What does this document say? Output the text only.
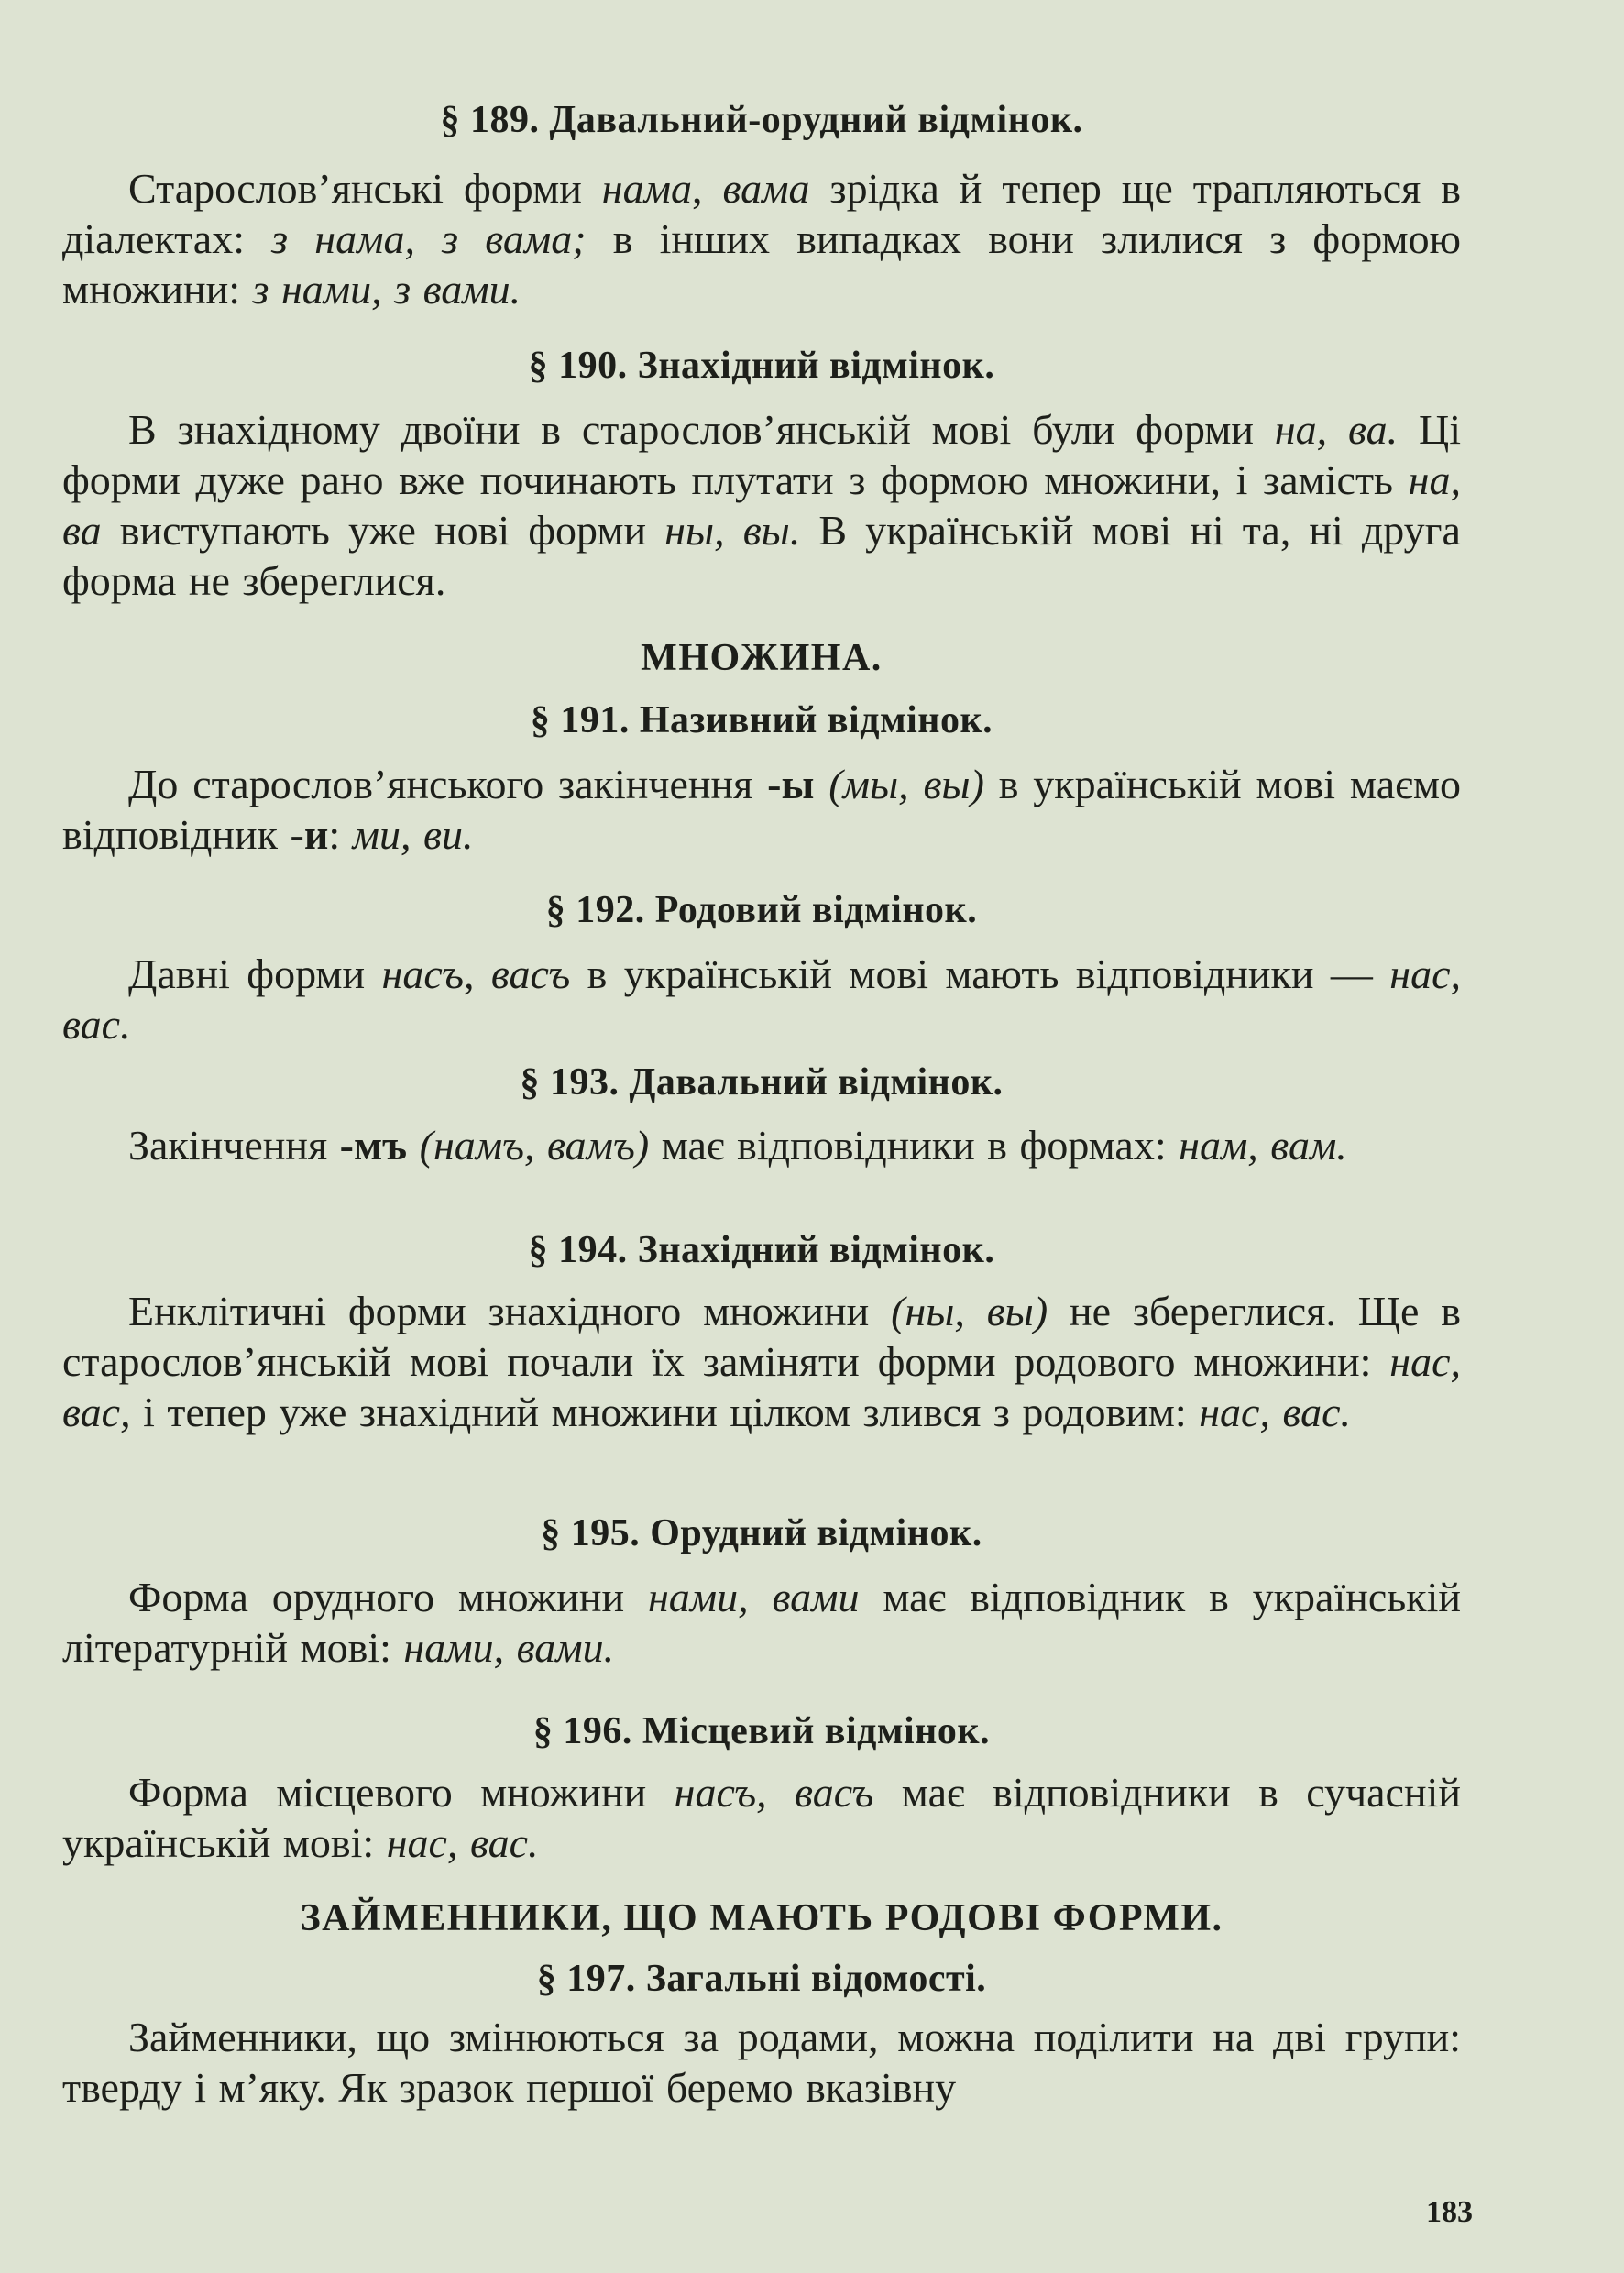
§ 189. Давальний-орудний відмінок.
Старослов’янські форми нама, вама зрідка й тепер ще трапляються в діалектах: з нама, з вама; в інших випадках вони злилися з формою множини: з нами, з вами.
§ 190. Знахідний відмінок.
В знахідному двоїни в старослов’янській мові були форми на, ва. Ці форми дуже рано вже починають плутати з формою множини, і замість на, ва виступають уже нові форми ны, вы. В українській мові ні та, ні друга форма не збереглися.
МНОЖИНА.
§ 191. Називний відмінок.
До старослов’янського закінчення -ы (мы, вы) в українській мові маємо відповідник -и: ми, ви.
§ 192. Родовий відмінок.
Давні форми насъ, васъ в українській мові мають відповідники — нас, вас.
§ 193. Давальний відмінок.
Закінчення -мъ (намъ, вамъ) має відповідники в формах: нам, вам.
§ 194. Знахідний відмінок.
Енклітичні форми знахідного множини (ны, вы) не збереглися. Ще в старослов’янській мові почали їх заміняти форми родового множини: нас, вас, і тепер уже знахідний множини цілком злився з родовим: нас, вас.
§ 195. Орудний відмінок.
Форма орудного множини нами, вами має відповідник в українській літературній мові: нами, вами.
§ 196. Місцевий відмінок.
Форма місцевого множини насъ, васъ має відповідники в сучасній українській мові: нас, вас.
ЗАЙМЕННИКИ, ЩО МАЮТЬ РОДОВІ ФОРМИ.
§ 197. Загальні відомості.
Займенники, що змінюються за родами, можна поділити на дві групи: тверду і м’яку. Як зразок першої беремо вказівну
183
